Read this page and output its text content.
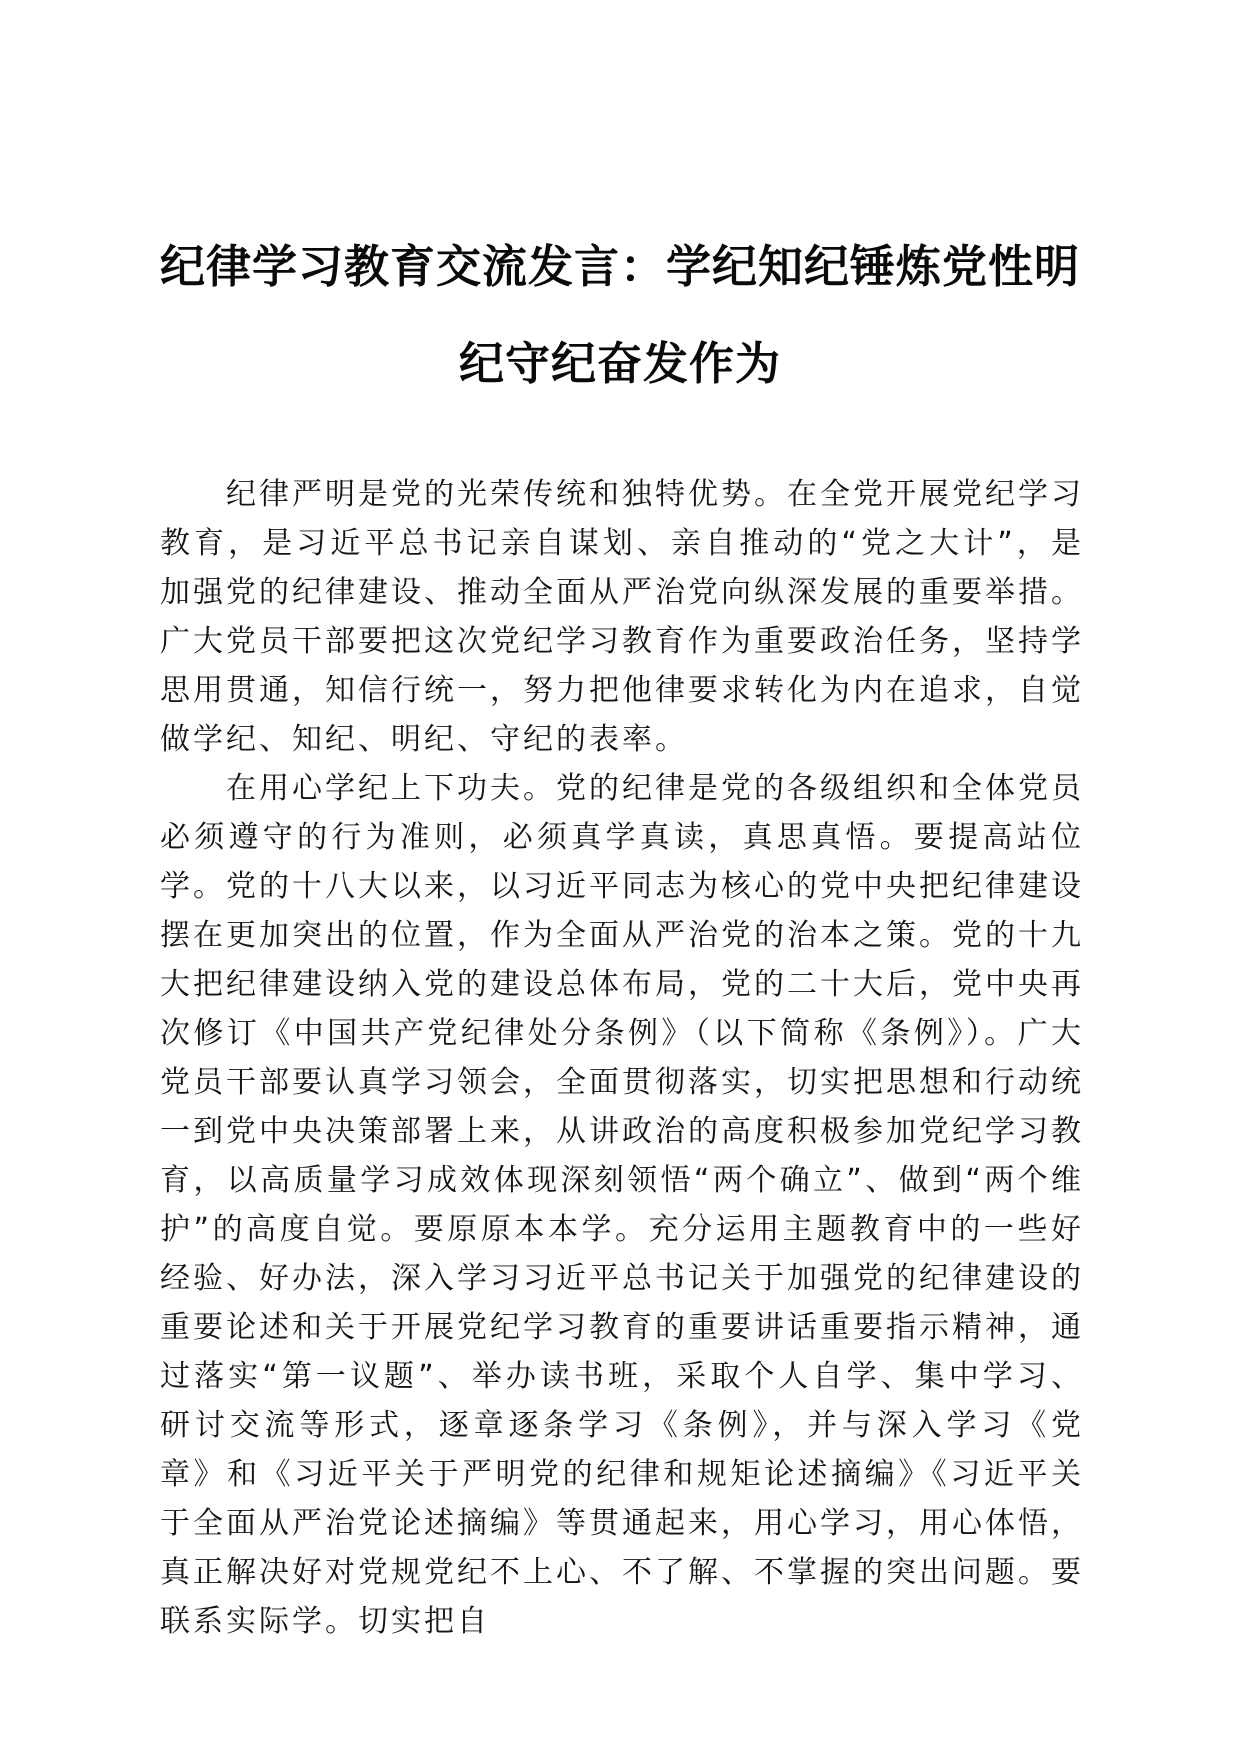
纪律学习教育交流发言：学纪知纪锤炼党性明
纪守纪奋发作为

纪律严明是党的光荣传统和独特优势。在全党开展党纪学习教育，是习近平总书记亲自谋划、亲自推动的“党之大计”，是加强党的纪律建设、推动全面从严治党向纵深发展的重要举措。广大党员干部要把这次党纪学习教育作为重要政治任务，坚持学思用贯通，知信行统一，努力把他律要求转化为内在追求，自觉做学纪、知纪、明纪、守纪的表率。

在用心学纪上下功夫。党的纪律是党的各级组织和全体党员必须遵守的行为准则，必须真学真读，真思真悟。要提高站位学。党的十八大以来，以习近平同志为核心的党中央把纪律建设摆在更加突出的位置，作为全面从严治党的治本之策。党的十九大把纪律建设纳入党的建设总体布局，党的二十大后，党中央再次修订《中国共产党纪律处分条例》（以下简称《条例》）。广大党员干部要认真学习领会，全面贯彻落实，切实把思想和行动统一到党中央决策部署上来，从讲政治的高度积极参加党纪学习教育，以高质量学习成效体现深刻领悟“两个确立”、做到“两个维护”的高度自觉。要原原本本学。充分运用主题教育中的一些好经验、好办法，深入学习习近平总书记关于加强党的纪律建设的重要论述和关于开展党纪学习教育的重要讲话重要指示精神，通过落实“第一议题”、举办读书班，采取个人自学、集中学习、研讨交流等形式，逐章逐条学习《条例》，并与深入学习《党章》和《习近平关于严明党的纪律和规矩论述摘编》《习近平关于全面从严治党论述摘编》等贯通起来，用心学习，用心体悟，真正解决好对党规党纪不上心、不了解、不掌握的突出问题。要联系实际学。切实把自
